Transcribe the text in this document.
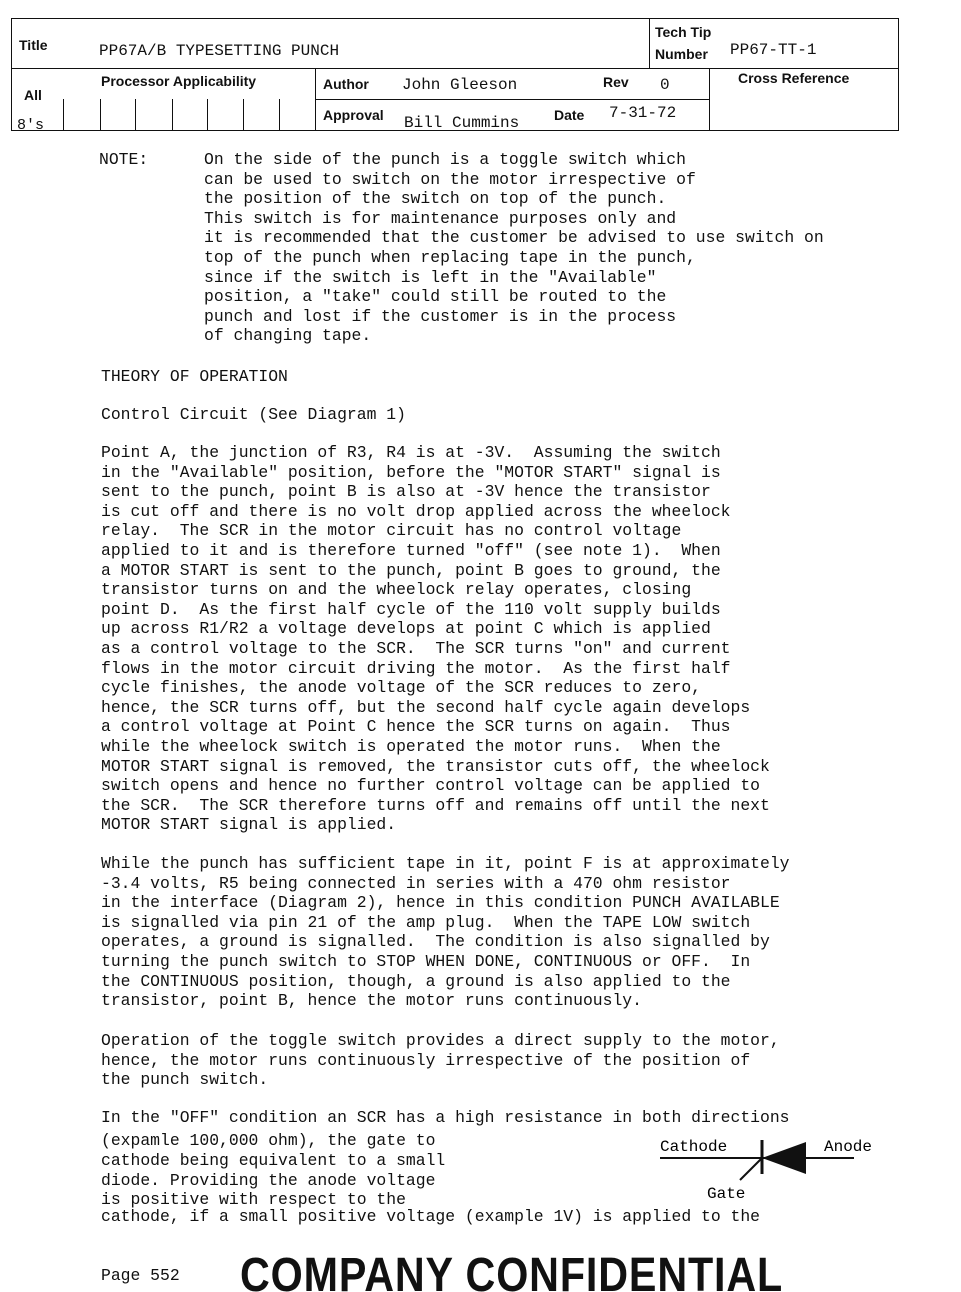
Title	PP67A/B TYPESETTING PUNCH
Tech Tip
Number PP67-TT-1
Processor Applicability
All
8's
Author John Gleeson	Rev 0
Approval Bill Cummins Date 7-31-72
Cross Reference
NOTE:	On the side of the punch is a toggle switch which
can be used to switch on the motor irrespective of
the position of the switch on top of the punch.
This switch is for maintenance purposes only and
it is recommended that the customer be advised to use switch on
top of the punch when replacing tape in the punch,
since if the switch is left in the "Available"
position, a "take" could still be routed to the
punch and lost if the customer is in the process
of changing tape.
THEORY OF OPERATION
Control Circuit (See Diagram 1)
Point A, the junction of R3, R4 is at -3V.  Assuming the switch
in the "Available" position, before the "MOTOR START" signal is
sent to the punch, point B is also at -3V hence the transistor
is cut off and there is no volt drop applied across the wheelock
relay.  The SCR in the motor circuit has no control voltage
applied to it and is therefore turned "off" (see note 1).  When
a MOTOR START is sent to the punch, point B goes to ground, the
transistor turns on and the wheelock relay operates, closing
point D.  As the first half cycle of the 110 volt supply builds
up across R1/R2 a voltage develops at point C which is applied
as a control voltage to the SCR.  The SCR turns "on" and current
flows in the motor circuit driving the motor.  As the first half
cycle finishes, the anode voltage of the SCR reduces to zero,
hence, the SCR turns off, but the second half cycle again develops
a control voltage at Point C hence the SCR turns on again.  Thus
while the wheelock switch is operated the motor runs.  When the
MOTOR START signal is removed, the transistor cuts off, the wheelock
switch opens and hence no further control voltage can be applied to
the SCR.  The SCR therefore turns off and remains off until the next
MOTOR START signal is applied.
While the punch has sufficient tape in it, point F is at approximately
-3.4 volts, R5 being connected in series with a 470 ohm resistor
in the interface (Diagram 2), hence in this condition PUNCH AVAILABLE
is signalled via pin 21 of the amp plug.  When the TAPE LOW switch
operates, a ground is signalled.  The condition is also signalled by
turning the punch switch to STOP WHEN DONE, CONTINUOUS or OFF.  In
the CONTINUOUS position, though, a ground is also applied to the
transistor, point B, hence the motor runs continuously.
Operation of the toggle switch provides a direct supply to the motor,
hence, the motor runs continuously irrespective of the position of
the punch switch.
In the "OFF" condition an SCR has a high resistance in both directions
(expamle 100,000 ohm), the gate to
cathode being equivalent to a small
diode. Providing the anode voltage
is positive with respect to the
cathode, if a small positive voltage (example 1V) is applied to the
Cathode	Anode
Gate
Page 552 COMPANY CONFIDENTIAL
